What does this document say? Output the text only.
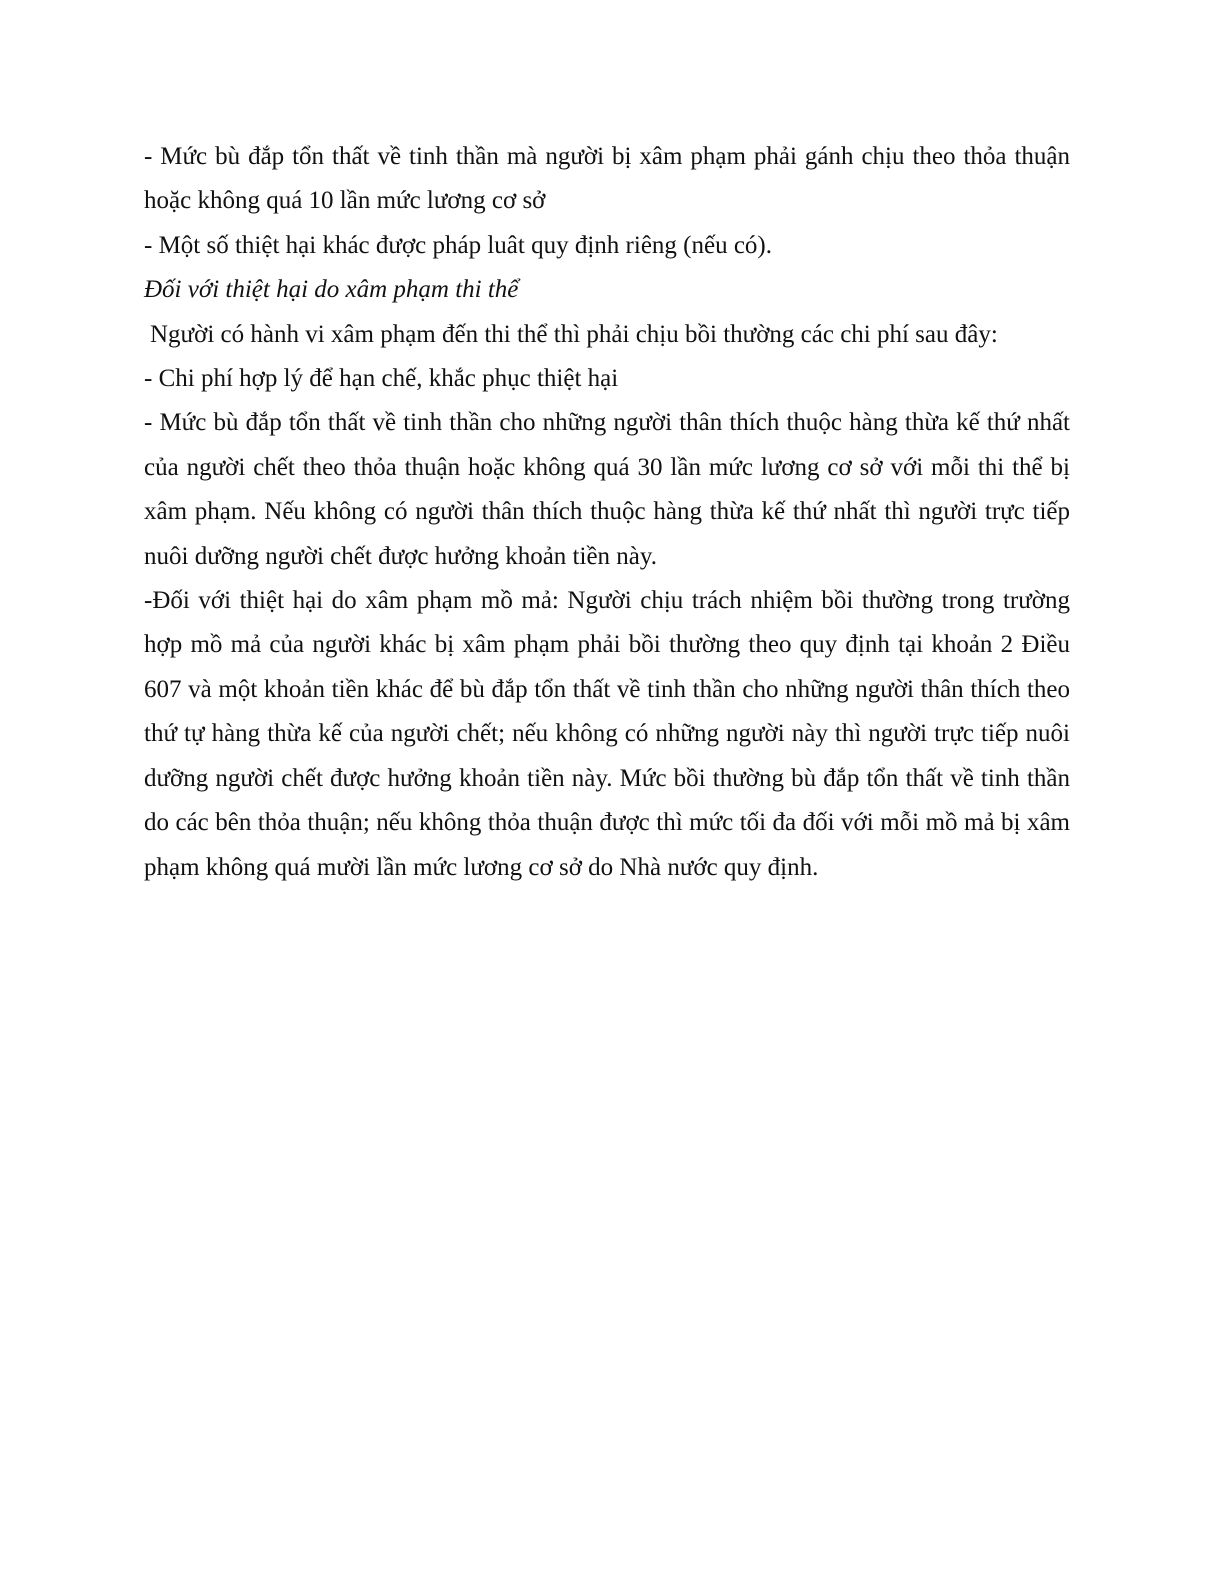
- Mức bù đắp tổn thất về tinh thần mà người bị xâm phạm phải gánh chịu theo thỏa thuận hoặc không quá 10 lần mức lương cơ sở

- Một số thiệt hại khác được pháp luât quy định riêng (nếu có).

Đối với thiệt hại do xâm phạm thi thể

Người có hành vi xâm phạm đến thi thể thì phải chịu bồi thường các chi phí sau đây:

- Chi phí hợp lý để hạn chế, khắc phục thiệt hại

- Mức bù đắp tổn thất về tinh thần cho những người thân thích thuộc hàng thừa kế thứ nhất của người chết theo thỏa thuận hoặc không quá 30 lần mức lương cơ sở với mỗi thi thể bị xâm phạm. Nếu không có người thân thích thuộc hàng thừa kế thứ nhất thì người trực tiếp nuôi dưỡng người chết được hưởng khoản tiền này.

-Đối với thiệt hại do xâm phạm mồ mả: Người chịu trách nhiệm bồi thường trong trường hợp mồ mả của người khác bị xâm phạm phải bồi thường theo quy định tại khoản 2 Điều 607 và một khoản tiền khác để bù đắp tổn thất về tinh thần cho những người thân thích theo thứ tự hàng thừa kế của người chết; nếu không có những người này thì người trực tiếp nuôi dưỡng người chết được hưởng khoản tiền này. Mức bồi thường bù đắp tổn thất về tinh thần do các bên thỏa thuận; nếu không thỏa thuận được thì mức tối đa đối với mỗi mồ mả bị xâm phạm không quá mười lần mức lương cơ sở do Nhà nước quy định.
